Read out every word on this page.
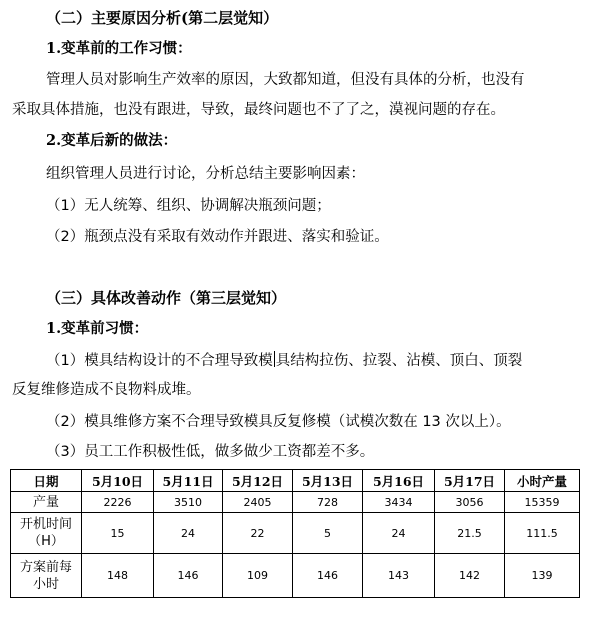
（二）主要原因分析(第二层觉知）
1.变革前的工作习惯：
管理人员对影响生产效率的原因，大致都知道，但没有具体的分析，也没有
采取具体措施，也没有跟进，导致，最终问题也不了了之，漠视问题的存在。
2.变革后新的做法：
组织管理人员进行讨论，分析总结主要影响因素：
（1）无人统筹、组织、协调解决瓶颈问题；
（2）瓶颈点没有采取有效动作并跟进、落实和验证。
（三）具体改善动作（第三层觉知）
1.变革前习惯：
（1）模具结构设计的不合理导致模 具结构拉伤、拉裂、沾模、顶白、顶裂
反复维修造成不良物料成堆。
（2）模具维修方案不合理导致模具反复修模（试模次数在 13 次以上）。
（3）员工工作积极性低，做多做少工资都差不多。
日期	5月10日	5月11日	5月12日	5月13日	5月16日	5月17日	小时产量
产量	2226	3510	2405	728	3434	3056	15359

开机时间
（H）	15	24	22	5	24	21.5	111.5

方案前每
小时	148	146	109	146	143	142	139
